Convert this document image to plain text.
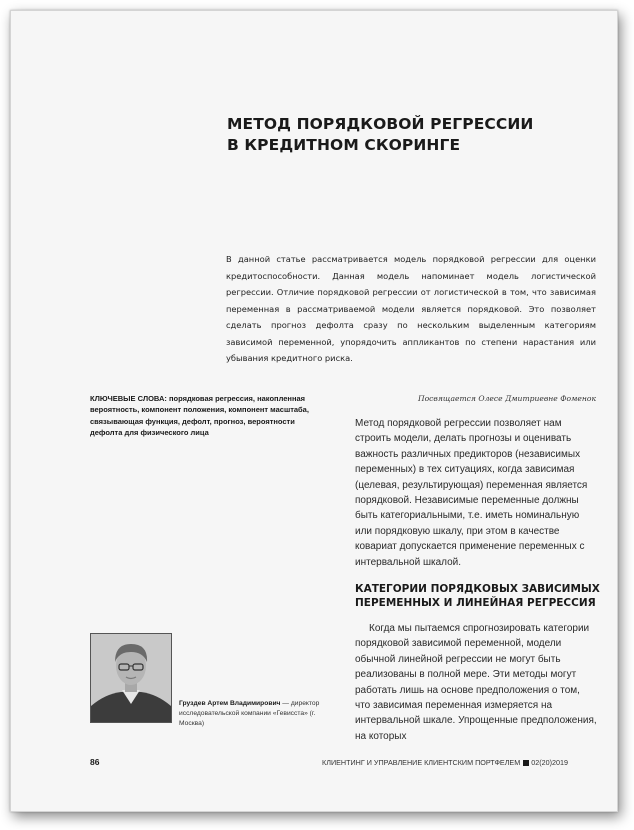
МЕТОД ПОРЯДКОВОЙ РЕГРЕССИИ
В КРЕДИТНОМ СКОРИНГЕ

В данной статье рассматривается модель порядковой регрессии для оценки кредитоспособности. Данная модель напоминает модель логистической регрессии. Отличие порядковой регрессии от логистической в том, что зависимая переменная в рассматриваемой модели является порядковой. Это позволяет сделать прогноз дефолта сразу по нескольким выделенным категориям зависимой переменной, упорядочить аппликантов по степени нарастания или убывания кредитного риска.

КЛЮЧЕВЫЕ СЛОВА: порядковая регрессия, накопленная вероятность, компонент положения, компонент масштаба, связывающая функция, дефолт, прогноз, вероятности дефолта для физического лица

Посвящается Олесе Дмитриевне Фоменок

Метод порядковой регрессии позволяет нам строить модели, делать прогнозы и оценивать важность различных предикторов (независимых переменных) в тех ситуациях, когда зависимая (целевая, результирующая) переменная является порядковой. Независимые переменные должны быть категориальными, т.е. иметь номинальную или порядковую шкалу, при этом в качестве ковариат допускается применение переменных с интервальной шкалой.

КАТЕГОРИИ ПОРЯДКОВЫХ ЗАВИСИМЫХ
ПЕРЕМЕННЫХ И ЛИНЕЙНАЯ РЕГРЕССИЯ

Когда мы пытаемся спрогнозировать категории порядковой зависимой переменной, модели обычной линейной регрессии не могут быть реализованы в полной мере. Эти методы могут работать лишь на основе предположения о том, что зависимая переменная измеряется на интервальной шкале. Упрощенные предположения, на которых

Груздев Артем Владимирович — директор исследовательской компании «Гевисста» (г. Москва)

86	КЛИЕНТИНГ И УПРАВЛЕНИЕ КЛИЕНТСКИМ ПОРТФЕЛЕМ 02(20)2019
